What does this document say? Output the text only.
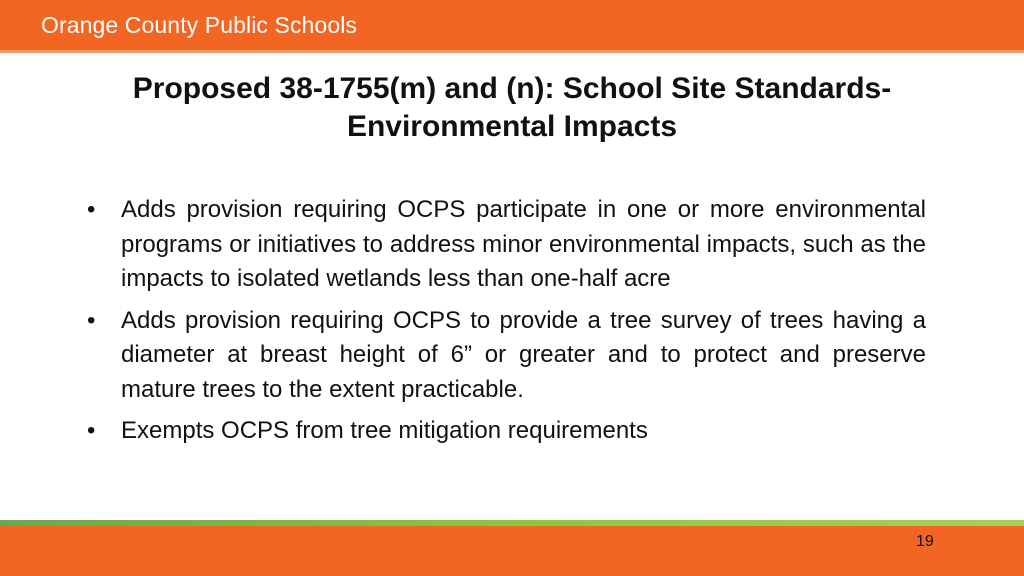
Orange County Public Schools
Proposed 38-1755(m) and (n): School Site Standards-
Environmental Impacts
• Adds provision requiring OCPS participate in one or more environmental programs or initiatives to address minor environmental impacts, such as the impacts to isolated wetlands less than one-half acre
• Adds provision requiring OCPS to provide a tree survey of trees having a diameter at breast height of 6” or greater and to protect and preserve mature trees to the extent practicable.
• Exempts OCPS from tree mitigation requirements
19
